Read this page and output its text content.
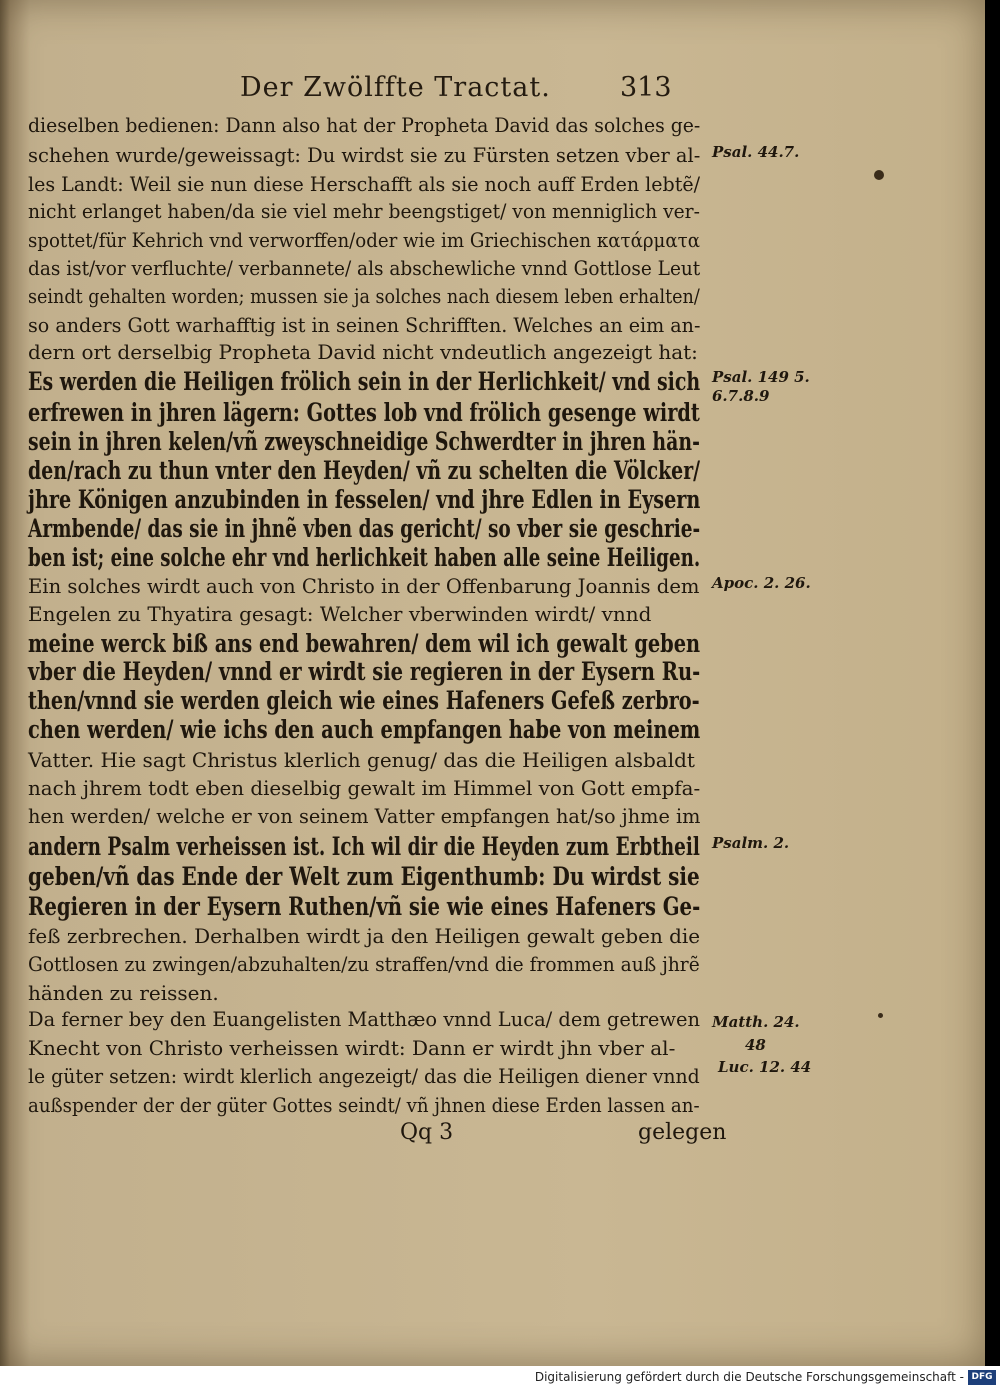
Der Zwölffte Tractat.	313
dieselben bedienen: Dann also hat der Propheta David das solches ge-
schehen wurde/geweissagt: Du wirdst sie zu Fürsten setzen vber al-
les Landt: Weil sie nun diese Herschafft als sie noch auff Erden lebtẽ/
nicht erlanget haben/da sie viel mehr beengstiget/ von menniglich ver-
spottet/für Kehrich vnd verworffen/oder wie im Griechischen κατάρματα
das ist/vor verfluchte/ verbannete/ als abschewliche vnnd Gottlose Leut
seindt gehalten worden; mussen sie ja solches nach diesem leben erhalten/
so anders Gott warhafftig ist in seinen Schrifften. Welches an eim an-
dern ort derselbig Propheta David nicht vndeutlich angezeigt hat:
Es werden die Heiligen frölich sein in der Herlichkeit/ vnd sich
erfrewen in jhren lägern: Gottes lob vnd frölich gesenge wirdt
sein in jhren kelen/vñ zweyschneidige Schwerdter in jhren hän-
den/rach zu thun vnter den Heyden/ vñ zu schelten die Völcker/
jhre Königen anzubinden in fesselen/ vnd jhre Edlen in Eysern
Armbende/ das sie in jhnẽ vben das gericht/ so vber sie geschrie-
ben ist; eine solche ehr vnd herlichkeit haben alle seine Heiligen.
Ein solches wirdt auch von Christo in der Offenbarung Joannis dem
Engelen zu Thyatira gesagt: Welcher vberwinden wirdt/ vnnd
meine werck biß ans end bewahren/ dem wil ich gewalt geben
vber die Heyden/ vnnd er wirdt sie regieren in der Eysern Ru-
then/vnnd sie werden gleich wie eines Hafeners Gefeß zerbro-
chen werden/ wie ichs den auch empfangen habe von meinem
Vatter. Hie sagt Christus klerlich genug/ das die Heiligen alsbaldt
nach jhrem todt eben dieselbig gewalt im Himmel von Gott empfa-
hen werden/ welche er von seinem Vatter empfangen hat/so jhme im
andern Psalm verheissen ist. Ich wil dir die Heyden zum Erbtheil
geben/vñ das Ende der Welt zum Eigenthumb: Du wirdst sie
Regieren in der Eysern Ruthen/vñ sie wie eines Hafeners Ge-
feß zerbrechen. Derhalben wirdt ja den Heiligen gewalt geben die
Gottlosen zu zwingen/abzuhalten/zu straffen/vnd die frommen auß jhrẽ
händen zu reissen.
Da ferner bey den Euangelisten Matthæo vnnd Luca/ dem getrewen
Knecht von Christo verheissen wirdt: Dann er wirdt jhn vber al-
le güter setzen: wirdt klerlich angezeigt/ das die Heiligen diener vnnd
außspender der der güter Gottes seindt/ vñ jhnen diese Erden lassen an-
Psal. 44.7.
Psal. 149 5.
6.7.8.9
Apoc. 2. 26.
Psalm. 2.
Matth. 24.
48
Luc. 12. 44
Qq 3	gelegen
Digitalisierung gefördert durch die Deutsche Forschungsgemeinschaft - DFG
